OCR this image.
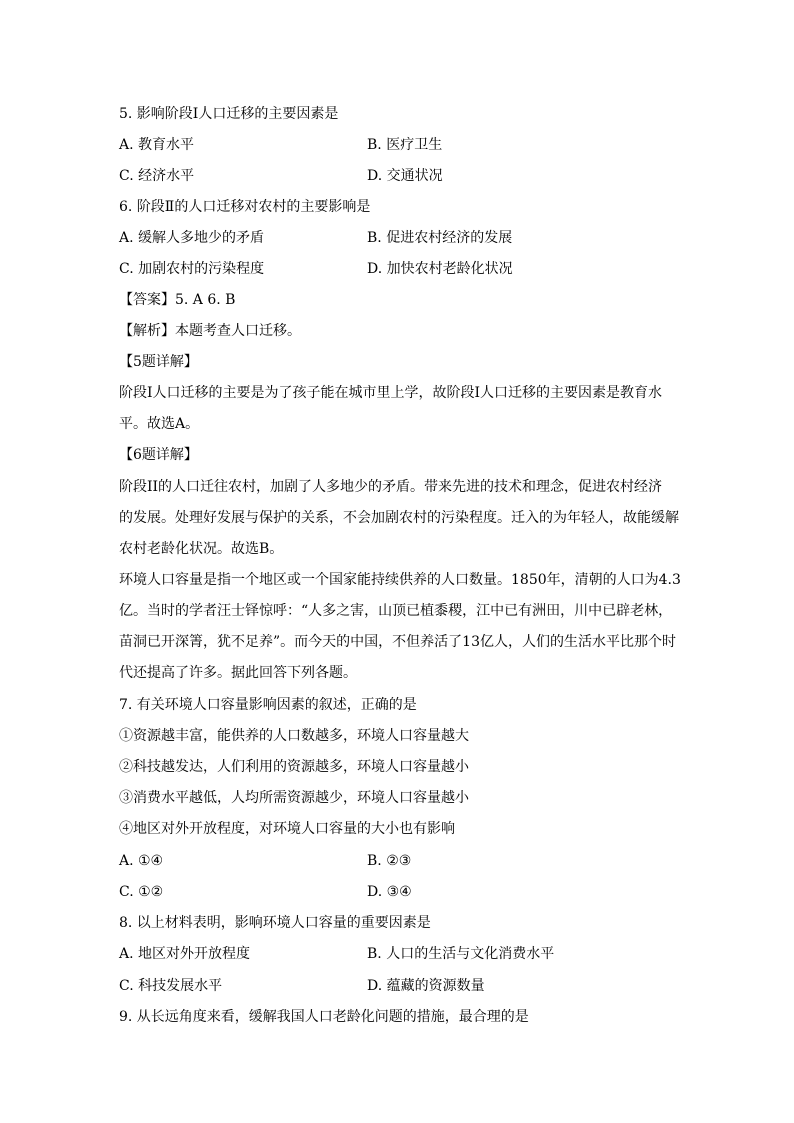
5. 影响阶段Ⅰ人口迁移的主要因素是
A. 教育水平	B. 医疗卫生
C. 经济水平	D. 交通状况
6. 阶段Ⅱ的人口迁移对农村的主要影响是
A. 缓解人多地少的矛盾	B. 促进农村经济的发展
C. 加剧农村的污染程度	D. 加快农村老龄化状况
【答案】5. A 6. B
【解析】本题考查人口迁移。
【5题详解】
阶段Ⅰ人口迁移的主要是为了孩子能在城市里上学，故阶段Ⅰ人口迁移的主要因素是教育水
平。故选A。
【6题详解】
阶段II的人口迁往农村，加剧了人多地少的矛盾。带来先进的技术和理念，促进农村经济
的发展。处理好发展与保护的关系，不会加剧农村的污染程度。迁入的为年轻人，故能缓解
农村老龄化状况。故选B。
环境人口容量是指一个地区或一个国家能持续供养的人口数量。1850年，清朝的人口为4.3
亿。当时的学者汪士铎惊呼：“人多之害，山顶已植黍稷，江中已有洲田，川中已辟老林，
苗洞已开深箐，犹不足养”。而今天的中国，不但养活了13亿人，人们的生活水平比那个时
代还提高了许多。据此回答下列各题。
7. 有关环境人口容量影响因素的叙述，正确的是
①资源越丰富，能供养的人口数越多，环境人口容量越大
②科技越发达，人们利用的资源越多，环境人口容量越小
③消费水平越低，人均所需资源越少，环境人口容量越小
④地区对外开放程度，对环境人口容量的大小也有影响
A. ①④	B. ②③
C. ①②	D. ③④
8. 以上材料表明，影响环境人口容量的重要因素是
A. 地区对外开放程度	B. 人口的生活与文化消费水平
C. 科技发展水平	D. 蕴藏的资源数量
9. 从长远角度来看，缓解我国人口老龄化问题的措施，最合理的是
